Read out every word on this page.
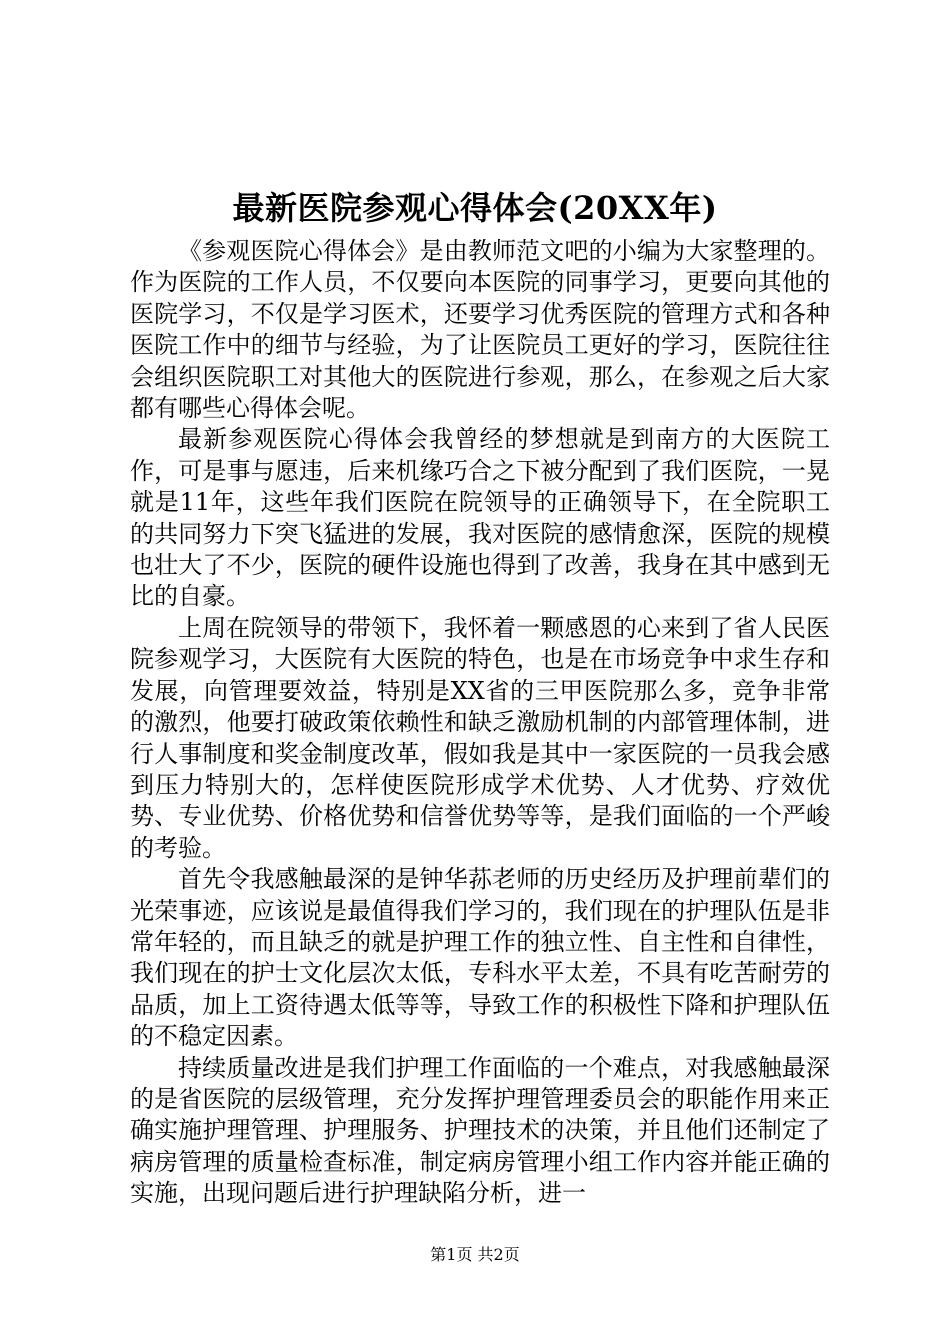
最新医院参观心得体会(20XX年)

《参观医院心得体会》是由教师范文吧的小编为大家整理的。作为医院的工作人员，不仅要向本医院的同事学习，更要向其他的医院学习，不仅是学习医术，还要学习优秀医院的管理方式和各种医院工作中的细节与经验，为了让医院员工更好的学习，医院往往会组织医院职工对其他大的医院进行参观，那么，在参观之后大家都有哪些心得体会呢。

最新参观医院心得体会我曾经的梦想就是到南方的大医院工作，可是事与愿违，后来机缘巧合之下被分配到了我们医院，一晃就是11年，这些年我们医院在院领导的正确领导下，在全院职工的共同努力下突飞猛进的发展，我对医院的感情愈深，医院的规模也壮大了不少，医院的硬件设施也得到了改善，我身在其中感到无比的自豪。

上周在院领导的带领下，我怀着一颗感恩的心来到了省人民医院参观学习，大医院有大医院的特色，也是在市场竞争中求生存和发展，向管理要效益，特别是XX省的三甲医院那么多，竞争非常的激烈，他要打破政策依赖性和缺乏激励机制的内部管理体制，进行人事制度和奖金制度改革，假如我是其中一家医院的一员我会感到压力特别大的，怎样使医院形成学术优势、人才优势、疗效优势、专业优势、价格优势和信誉优势等等，是我们面临的一个严峻的考验。

首先令我感触最深的是钟华荪老师的历史经历及护理前辈们的光荣事迹，应该说是最值得我们学习的，我们现在的护理队伍是非常年轻的，而且缺乏的就是护理工作的独立性、自主性和自律性，我们现在的护士文化层次太低，专科水平太差，不具有吃苦耐劳的品质，加上工资待遇太低等等，导致工作的积极性下降和护理队伍的不稳定因素。

持续质量改进是我们护理工作面临的一个难点，对我感触最深的是省医院的层级管理，充分发挥护理管理委员会的职能作用来正确实施护理管理、护理服务、护理技术的决策，并且他们还制定了病房管理的质量检查标准，制定病房管理小组工作内容并能正确的实施，出现问题后进行护理缺陷分析，进一

第1页 共2页
